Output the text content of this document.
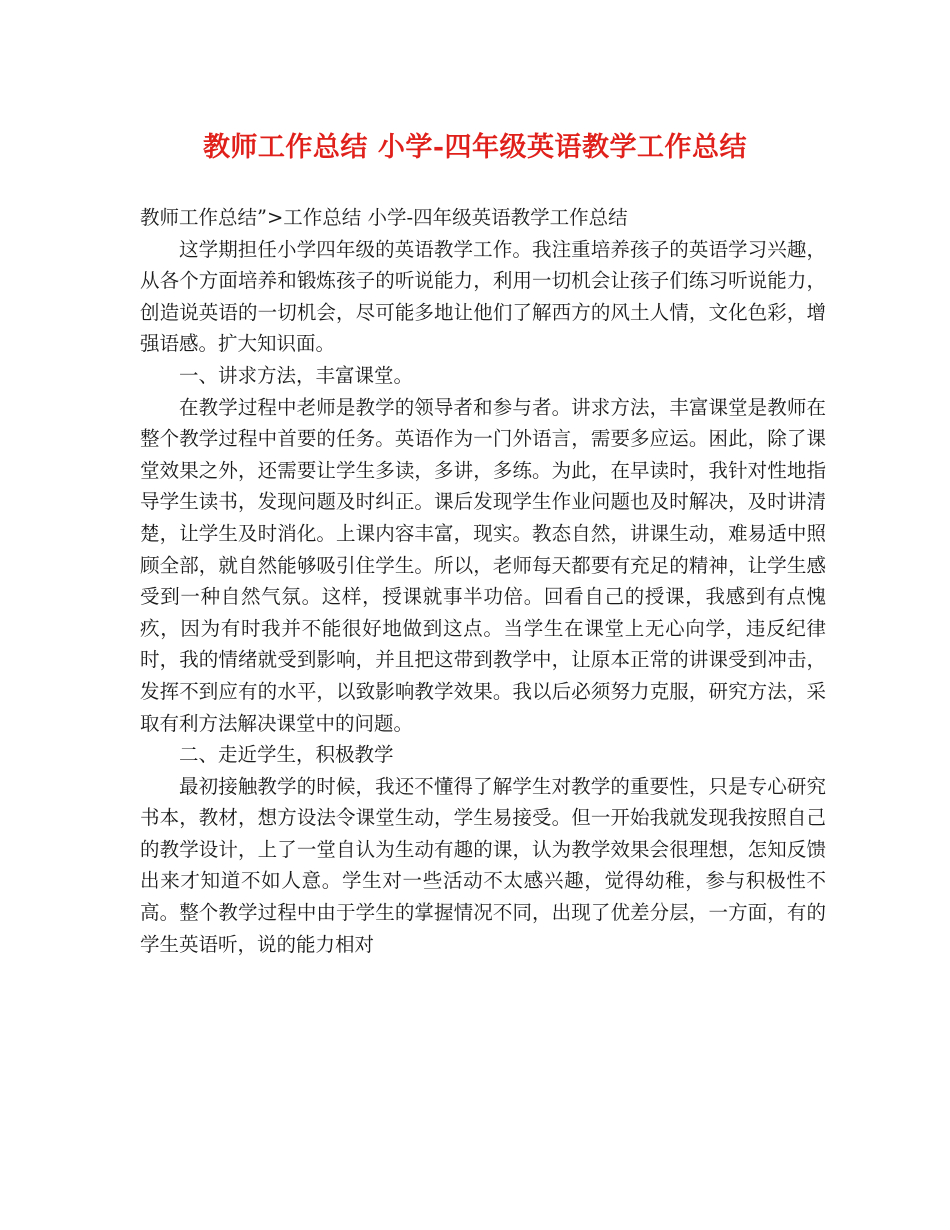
教师工作总结 小学-四年级英语教学工作总结

教师工作总结”>工作总结 小学-四年级英语教学工作总结

这学期担任小学四年级的英语教学工作。我注重培养孩子的英语学习兴趣，从各个方面培养和锻炼孩子的听说能力，利用一切机会让孩子们练习听说能力，创造说英语的一切机会，尽可能多地让他们了解西方的风土人情，文化色彩，增强语感。扩大知识面。

一、讲求方法，丰富课堂。

在教学过程中老师是教学的领导者和参与者。讲求方法，丰富课堂是教师在整个教学过程中首要的任务。英语作为一门外语言，需要多应运。困此，除了课堂效果之外，还需要让学生多读，多讲，多练。为此，在早读时，我针对性地指导学生读书，发现问题及时纠正。课后发现学生作业问题也及时解决，及时讲清楚，让学生及时消化。上课内容丰富，现实。教态自然，讲课生动，难易适中照顾全部，就自然能够吸引住学生。所以，老师每天都要有充足的精神，让学生感受到一种自然气氛。这样，授课就事半功倍。回看自己的授课，我感到有点愧疚，因为有时我并不能很好地做到这点。当学生在课堂上无心向学，违反纪律时，我的情绪就受到影响，并且把这带到教学中，让原本正常的讲课受到冲击，发挥不到应有的水平，以致影响教学效果。我以后必须努力克服，研究方法，采取有利方法解决课堂中的问题。

二、走近学生，积极教学

最初接触教学的时候，我还不懂得了解学生对教学的重要性，只是专心研究书本，教材，想方设法令课堂生动，学生易接受。但一开始我就发现我按照自己的教学设计，上了一堂自认为生动有趣的课，认为教学效果会很理想，怎知反馈出来才知道不如人意。学生对一些活动不太感兴趣，觉得幼稚，参与积极性不高。整个教学过程中由于学生的掌握情况不同，出现了优差分层，一方面，有的学生英语听，说的能力相对
